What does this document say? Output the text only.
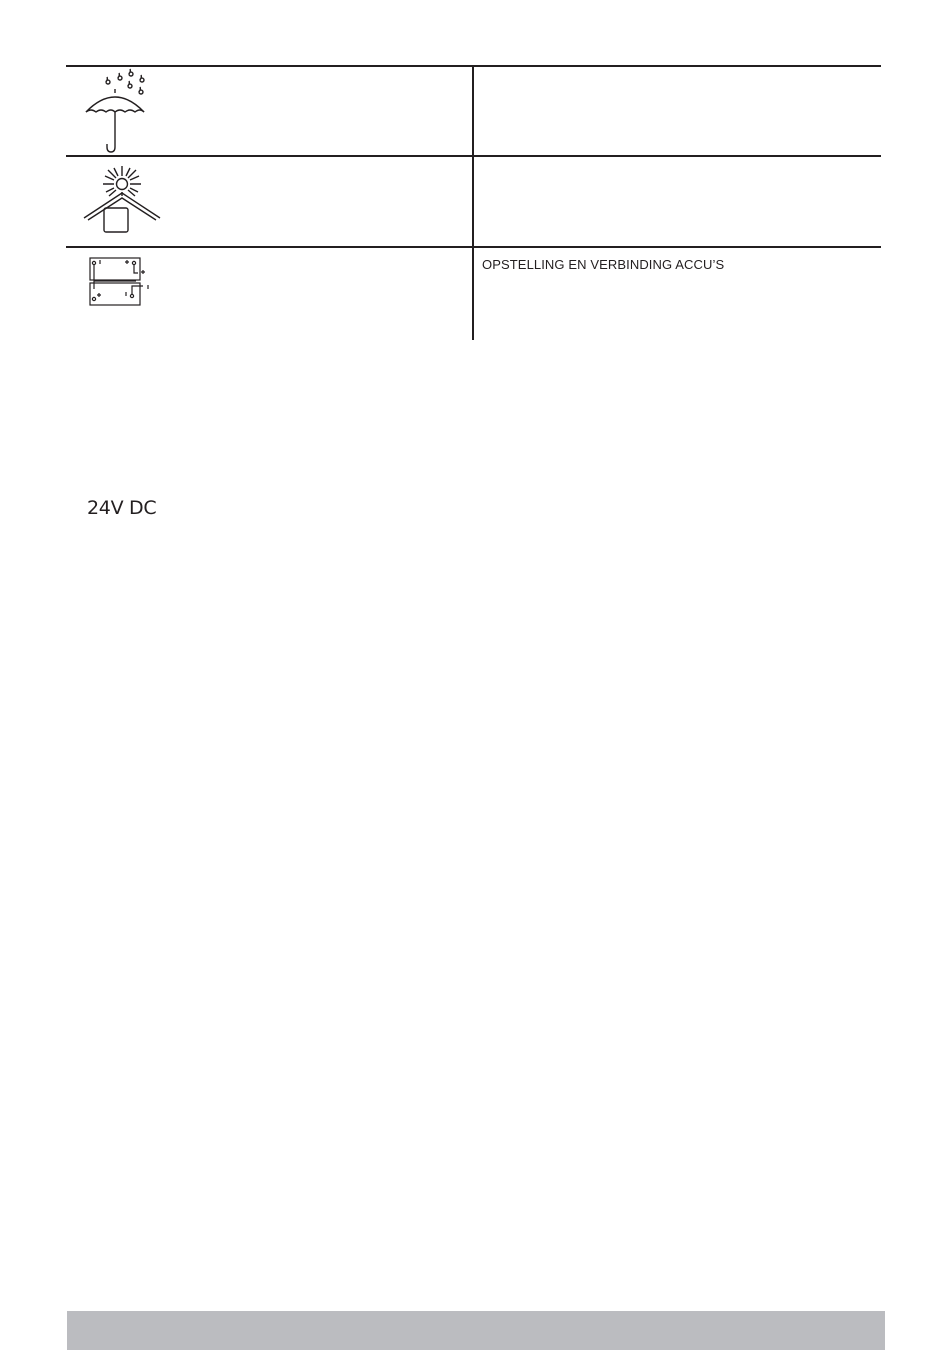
24V DC
OPSTELLING EN VERBINDING ACCU’S
